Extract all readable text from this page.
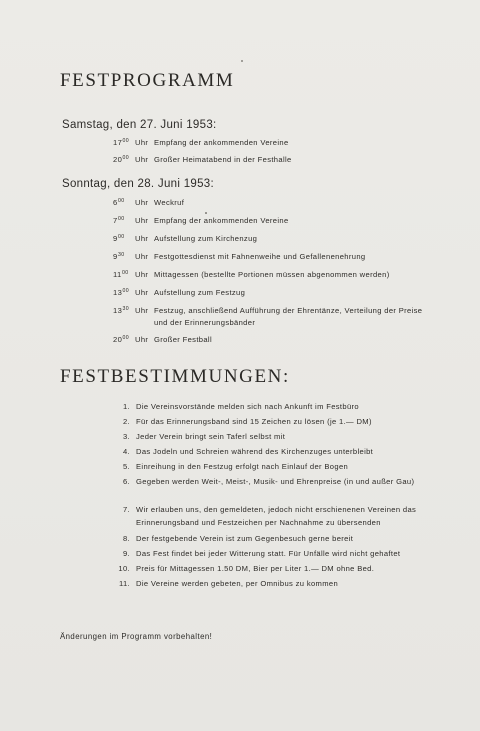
FESTPROGRAMM
Samstag, den 27. Juni 1953:
$17^{00}$ Uhr Empfang der ankommenden Vereine
$20^{00}$ Uhr Großer Heimatabend in der Festhalle
Sonntag, den 28. Juni 1953:
$6^{00}$	Uhr Weckruf
$7^{00}$	Uhr Empfang der ankommenden Vereine
$9^{00}$	Uhr Aufstellung zum Kirchenzug
$9^{30}$	Uhr Festgottesdienst mit Fahnenweihe und Gefallenenehrung
$11^{00}$ Uhr Mittagessen (bestellte Portionen müssen abgenommen werden)
$13^{00}$ Uhr Aufstellung zum Festzug
$13^{30}$ Uhr Festzug, anschließend Aufführung der Ehrentänze, Verteilung der Preise und der Erinnerungsbänder
$20^{00}$ Uhr Großer Festball
FESTBESTIMMUNGEN:
1. Die Vereinsvorstände melden sich nach Ankunft im Festbüro
2. Für das Erinnerungsband sind 15 Zeichen zu lösen (je 1.— DM)
3. Jeder Verein bringt sein Taferl selbst mit
4. Das Jodeln und Schreien während des Kirchenzuges unterbleibt
5. Einreihung in den Festzug erfolgt nach Einlauf der Bogen
6. Gegeben werden Weit-, Meist-, Musik- und Ehrenpreise (in und außer Gau)
7. Wir erlauben uns, den gemeldeten, jedoch nicht erschienenen Vereinen das Erinnerungsband und Festzeichen per Nachnahme zu übersenden
8. Der festgebende Verein ist zum Gegenbesuch gerne bereit
9. Das Fest findet bei jeder Witterung statt. Für Unfälle wird nicht gehaftet
10. Preis für Mittagessen 1.50 DM, Bier per Liter 1.— DM ohne Bed.
11. Die Vereine werden gebeten, per Omnibus zu kommen
Änderungen im Programm vorbehalten!
